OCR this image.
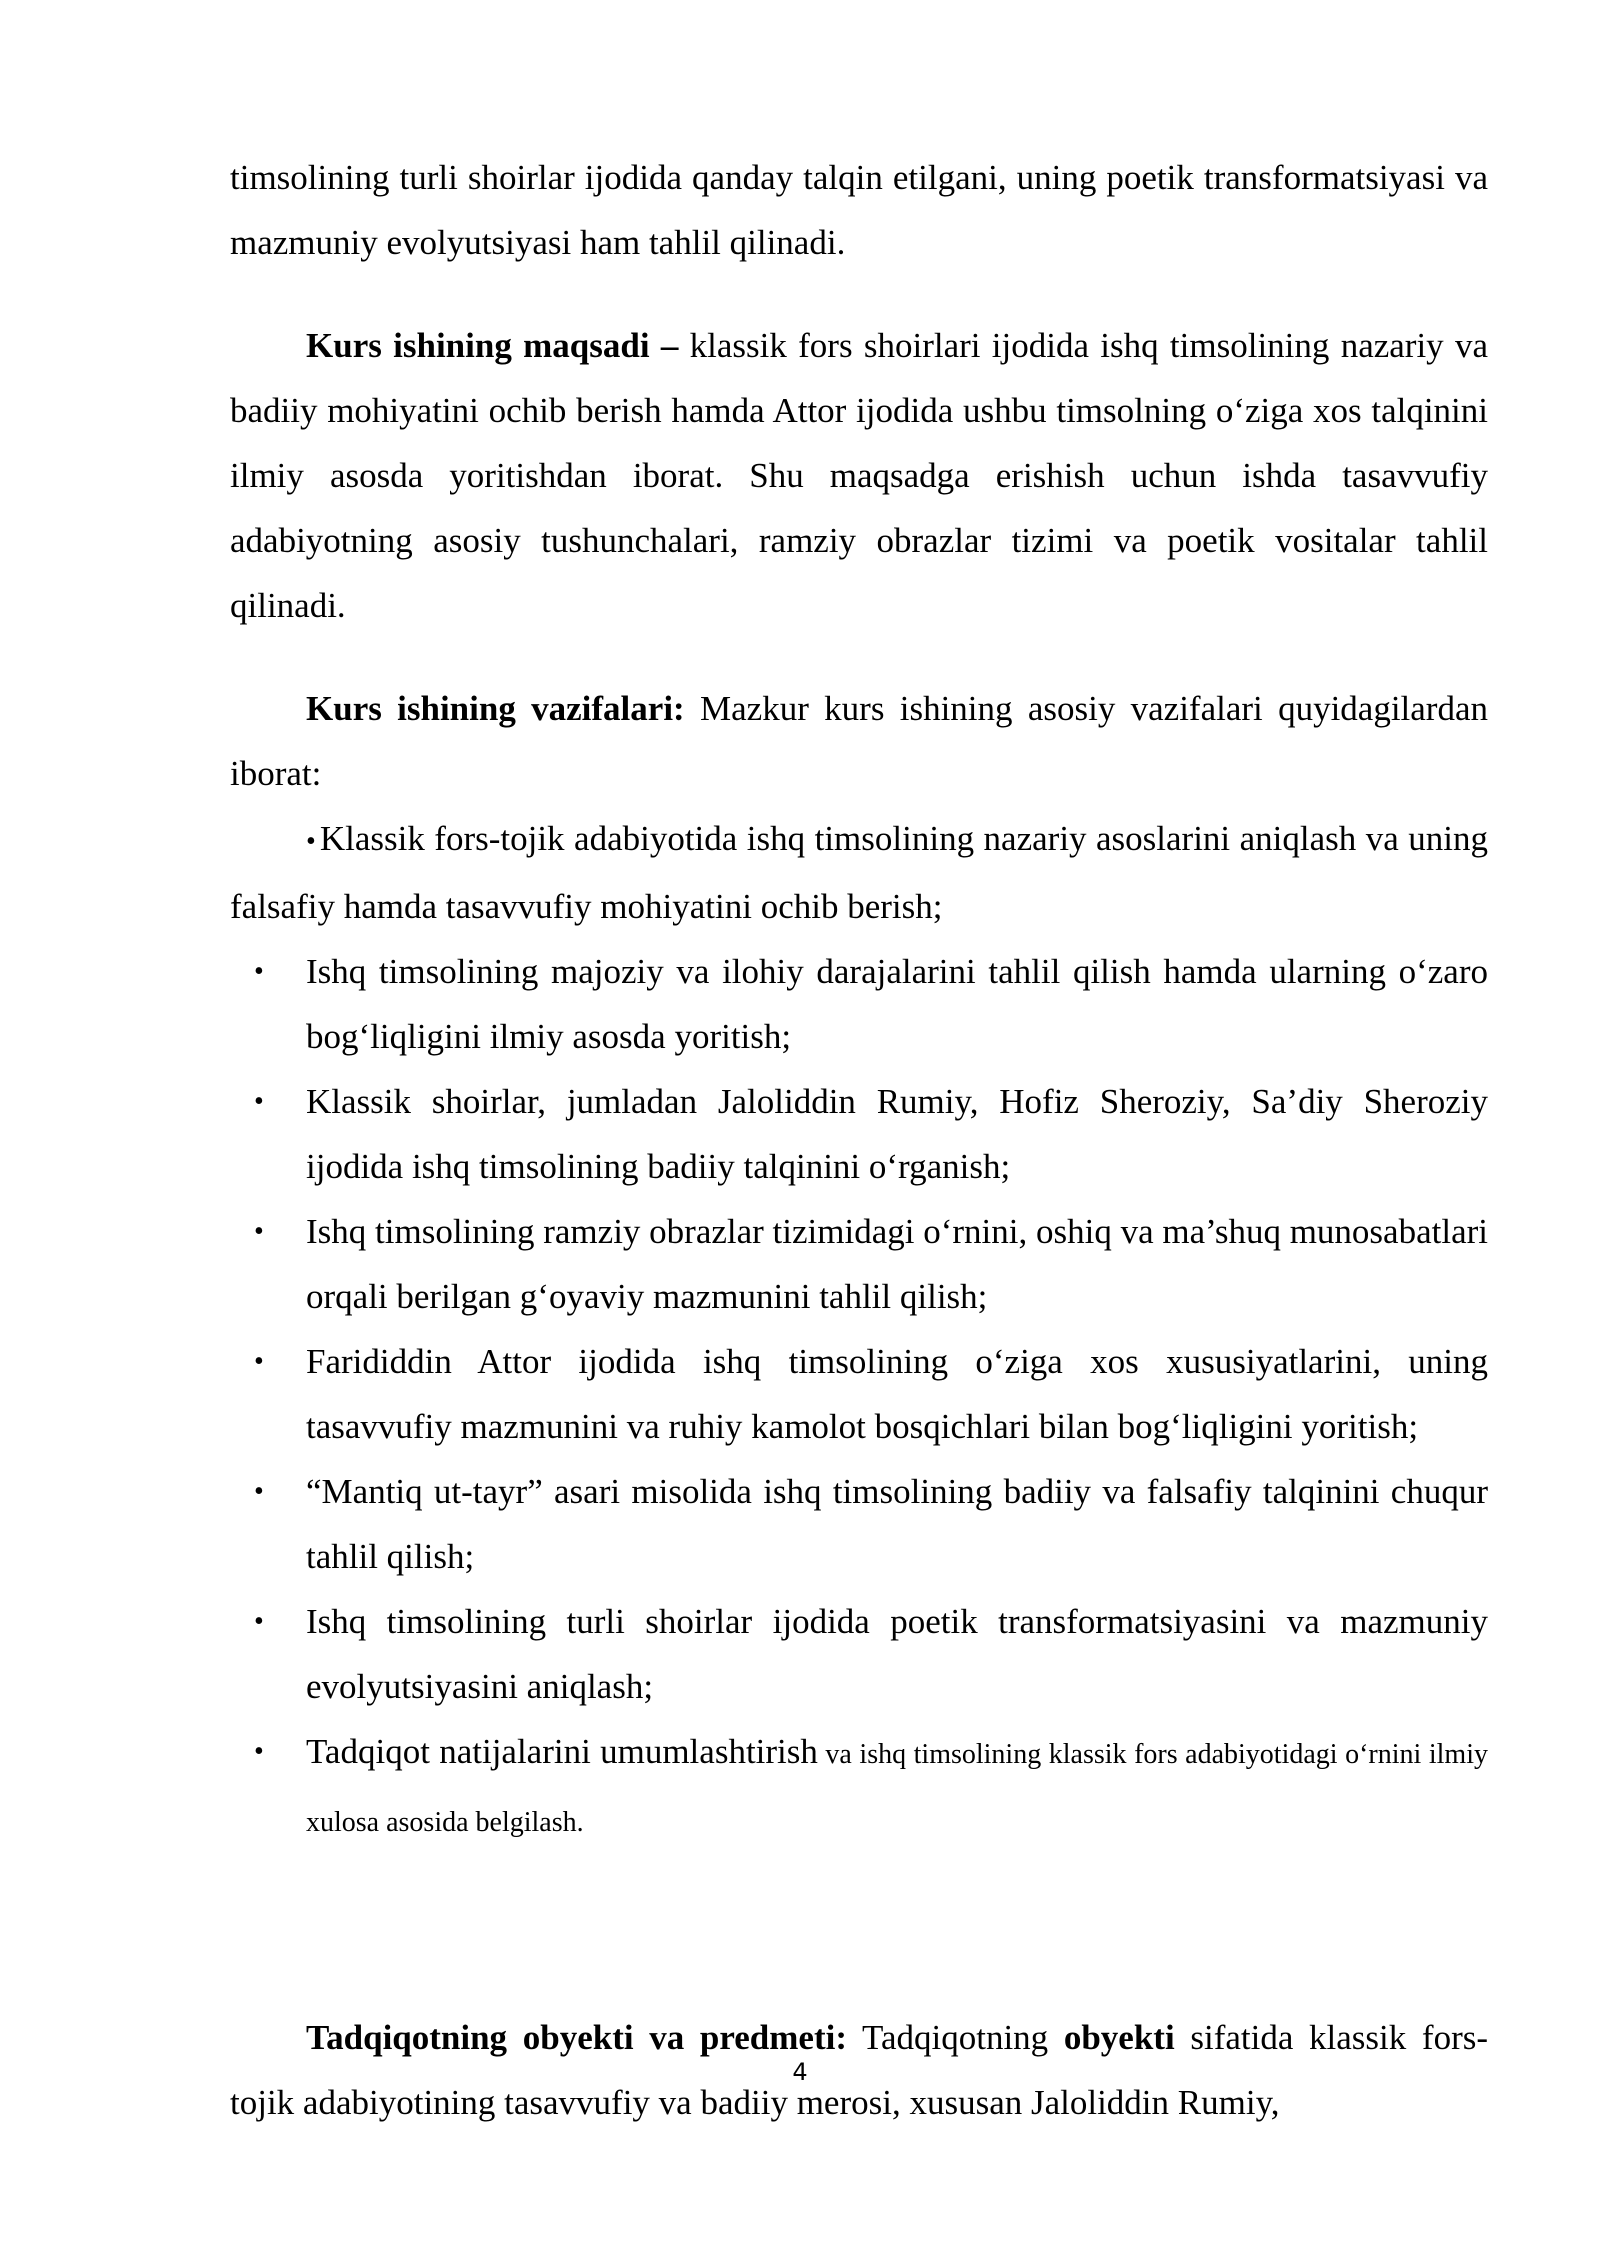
timsolining turli shoirlar ijodida qanday talqin etilgani, uning poetik transformatsiyasi va mazmuniy evolyutsiyasi ham tahlil qilinadi.

Kurs ishining maqsadi – klassik fors shoirlari ijodida ishq timsolining nazariy va badiiy mohiyatini ochib berish hamda Attor ijodida ushbu timsolning o‘ziga xos talqinini ilmiy asosda yoritishdan iborat. Shu maqsadga erishish uchun ishda tasavvufiy adabiyotning asosiy tushunchalari, ramziy obrazlar tizimi va poetik vositalar tahlil qilinadi.

Kurs ishining vazifalari: Mazkur kurs ishining asosiy vazifalari quyidagilardan iborat:

• Klassik fors-tojik adabiyotida ishq timsolining nazariy asoslarini aniqlash va uning falsafiy hamda tasavvufiy mohiyatini ochib berish;

• Ishq timsolining majoziy va ilohiy darajalarini tahlil qilish hamda ularning o‘zaro bog‘liqligini ilmiy asosda yoritish;
• Klassik shoirlar, jumladan Jaloliddin Rumiy, Hofiz Sheroziy, Sa’diy Sheroziy ijodida ishq timsolining badiiy talqinini o‘rganish;
• Ishq timsolining ramziy obrazlar tizimidagi o‘rnini, oshiq va ma’shuq munosabatlari orqali berilgan g‘oyaviy mazmunini tahlil qilish;
• Farididdin Attor ijodida ishq timsolining o‘ziga xos xususiyatlarini, uning tasavvufiy mazmunini va ruhiy kamolot bosqichlari bilan bog‘liqligini yoritish;
• “Mantiq ut-tayr” asari misolida ishq timsolining badiiy va falsafiy talqinini chuqur tahlil qilish;
• Ishq timsolining turli shoirlar ijodida poetik transformatsiyasini va mazmuniy evolyutsiyasini aniqlash;
• Tadqiqot natijalarini umumlashtirish va ishq timsolining klassik fors adabiyotidagi o‘rnini ilmiy xulosa asosida belgilash.

Tadqiqotning obyekti va predmeti: Tadqiqotning obyekti sifatida klassik fors-tojik adabiyotining tasavvufiy va badiiy merosi, xususan Jaloliddin Rumiy,

4
